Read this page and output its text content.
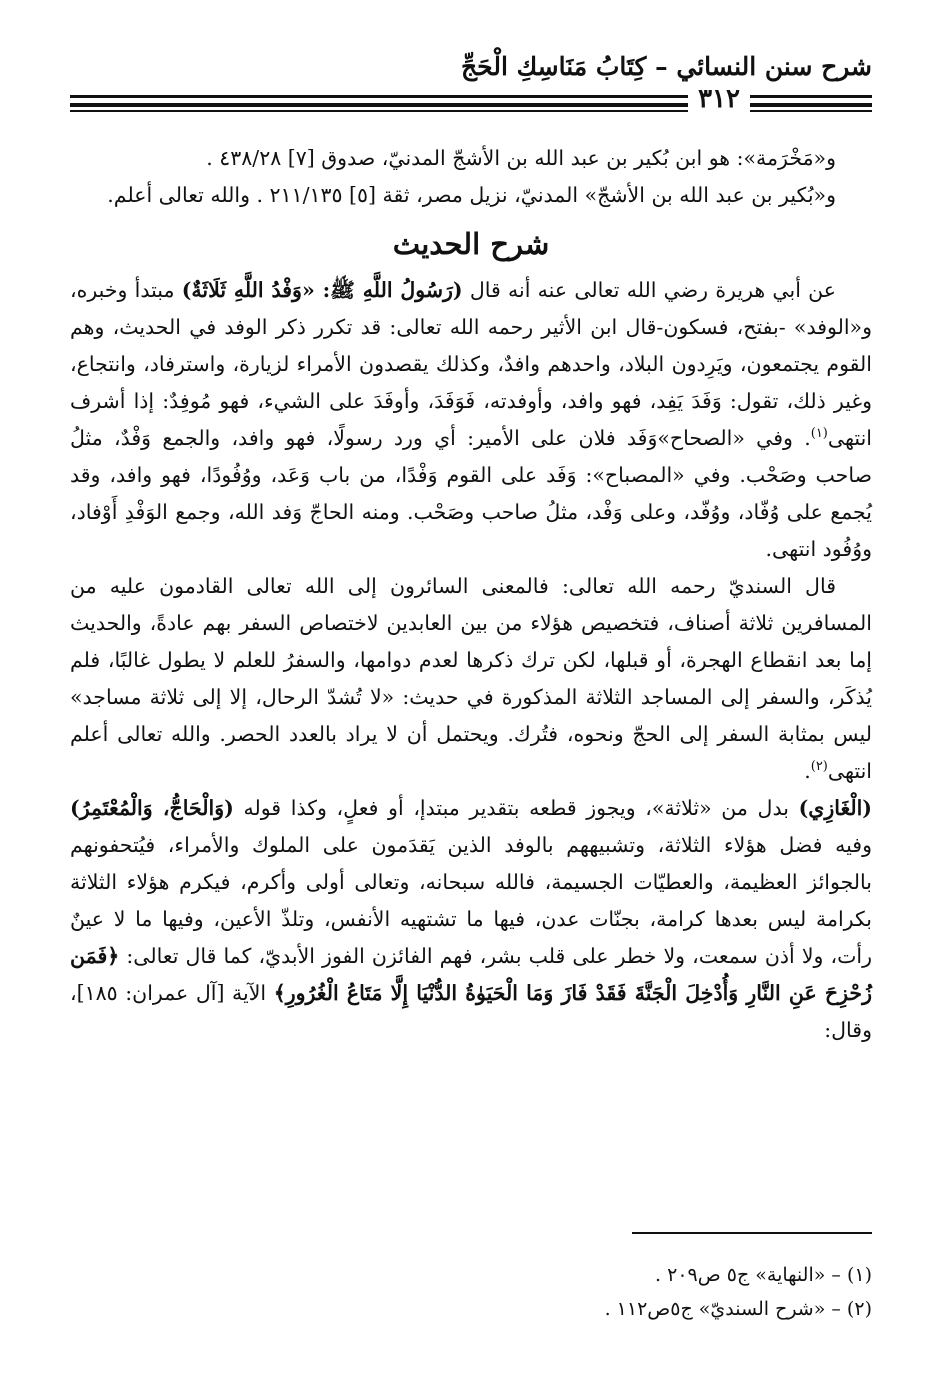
شرح سنن النسائي – كِتَابُ مَنَاسِكِ الْحَجِّ
٣١٢

و«مَخْرَمة»: هو ابن بُكير بن عبد الله بن الأشجّ المدنيّ، صدوق [٧] ٤٣٨/٢٨ .

و«بُكير بن عبد الله بن الأشجّ» المدنيّ، نزيل مصر، ثقة [٥] ٢١١/١٣٥ . والله تعالى أعلم.

شرح الحديث

عن أبي هريرة رضي الله تعالى عنه أنه قال (رَسُولُ اللَّهِ ﷺ: «وَفْدُ اللَّهِ ثَلَاثَةٌ) مبتدأ وخبره، و«الوفد» -بفتح، فسكون-قال ابن الأثير رحمه الله تعالى: قد تكرر ذكر الوفد في الحديث، وهم القوم يجتمعون، ويَرِدون البلاد، واحدهم وافدٌ، وكذلك يقصدون الأمراء لزيارة، واسترفاد، وانتجاع، وغير ذلك، تقول: وَفَدَ يَفِد، فهو وافد، وأوفدته، فَوَفَدَ، وأوفَدَ على الشيء، فهو مُوفِدٌ: إذا أشرف انتهى$^{(١)}$. وفي «الصحاح»وَفَد فلان على الأمير: أي ورد رسولًا، فهو وافد، والجمع وَفْدٌ، مثلُ صاحب وصَحْب. وفي «المصباح»: وَفَد على القوم وَفْدًا، من باب وَعَد، ووُفُودًا، فهو وافد، وقد يُجمع على وُفّاد، ووُفّد، وعلى وَفْد، مثلُ صاحب وصَحْب. ومنه الحاجّ وَفد الله، وجمع الوَفْدِ أَوْفاد، ووُفُود انتهى.

قال السنديّ رحمه الله تعالى: فالمعنى السائرون إلى الله تعالى القادمون عليه من المسافرين ثلاثة أصناف، فتخصيص هؤلاء من بين العابدين لاختصاص السفر بهم عادةً، والحديث إما بعد انقطاع الهجرة، أو قبلها، لكن ترك ذكرها لعدم دوامها، والسفرُ للعلم لا يطول غالبًا، فلم يُذكَر، والسفر إلى المساجد الثلاثة المذكورة في حديث: «لا تُشدّ الرحال، إلا إلى ثلاثة مساجد» ليس بمثابة السفر إلى الحجّ ونحوه، فتُرك. ويحتمل أن لا يراد بالعدد الحصر. والله تعالى أعلم انتهى$^{(٢)}$.

(الْغَازِي) بدل من «ثلاثة»، ويجوز قطعه بتقدير مبتدإ، أو فعلٍ، وكذا قوله (وَالْحَاجُّ، وَالْمُعْتَمِرُ) وفيه فضل هؤلاء الثلاثة، وتشبيههم بالوفد الذين يَقدَمون على الملوك والأمراء، فيُتحفونهم بالجوائز العظيمة، والعطيّات الجسيمة، فالله سبحانه، وتعالى أولى وأكرم، فيكرم هؤلاء الثلاثة بكرامة ليس بعدها كرامة، بجنّات عدن، فيها ما تشتهيه الأنفس، وتلذّ الأعين، وفيها ما لا عينٌ رأت، ولا أذن سمعت، ولا خطر على قلب بشر، فهم الفائزن الفوز الأبديّ، كما قال تعالى: ﴿فَمَن زُحْزِحَ عَنِ النَّارِ وَأُدْخِلَ الْجَنَّةَ فَقَدْ فَازَ وَمَا الْحَيَوٰةُ الدُّنْيَا إِلَّا مَتَاعُ الْغُرُورِ﴾ الآية [آل عمران: ١٨٥]، وقال:

(١) – «النهاية» ج٥ ص٢٠٩ .
(٢) – «شرح السنديّ» ج٥ص١١٢ .
